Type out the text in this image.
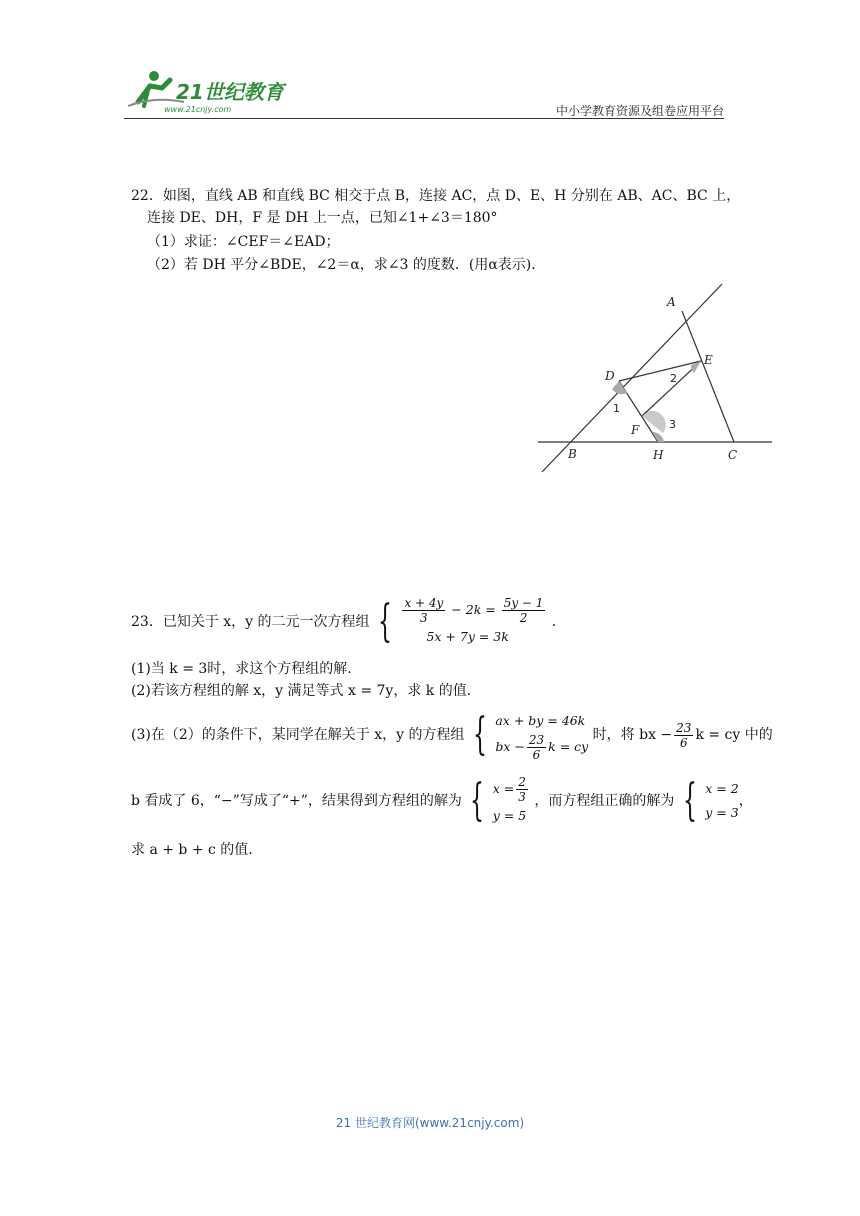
21世纪教育
www.21cnjy.com	中小学教育资源及组卷应用平台
22．如图，直线 AB 和直线 BC 相交于点 B，连接 AC，点 D、E、H 分别在 AB、AC、BC 上，
连接 DE、DH，F 是 DH 上一点，已知∠1+∠3＝180°
（1）求证：∠CEF＝∠EAD；
（2）若 DH 平分∠BDE，∠2＝α，求∠3 的度数．(用α表示)．
A
E
D
F
B	H	C
1
2
3
23．已知关于 x，y 的二元一次方程组 { $\frac{x + 4y}{3} - 2k = \frac{5y - 1}{2}$
5x + 7y = 3k
．
(1)当 k = 3时，求这个方程组的解．
(2)若该方程组的解 x，y 满足等式 x = 7y，求 k 的值．
(3)在（2）的条件下，某同学在解关于 x，y 的方程组 { ax + by = 46k
bx − $\frac{23}{6}$ k = cy
时，将 bx − $\frac{23}{6}$ k = cy 中的
b 看成了 6，“−”写成了“+”，结果得到方程组的解为 { $x = \frac{2}{3}$
y = 5
，而方程组正确的解为 { x = 2
y = 3
，
求 a + b + c 的值．
21 世纪教育网(www.21cnjy.com)
